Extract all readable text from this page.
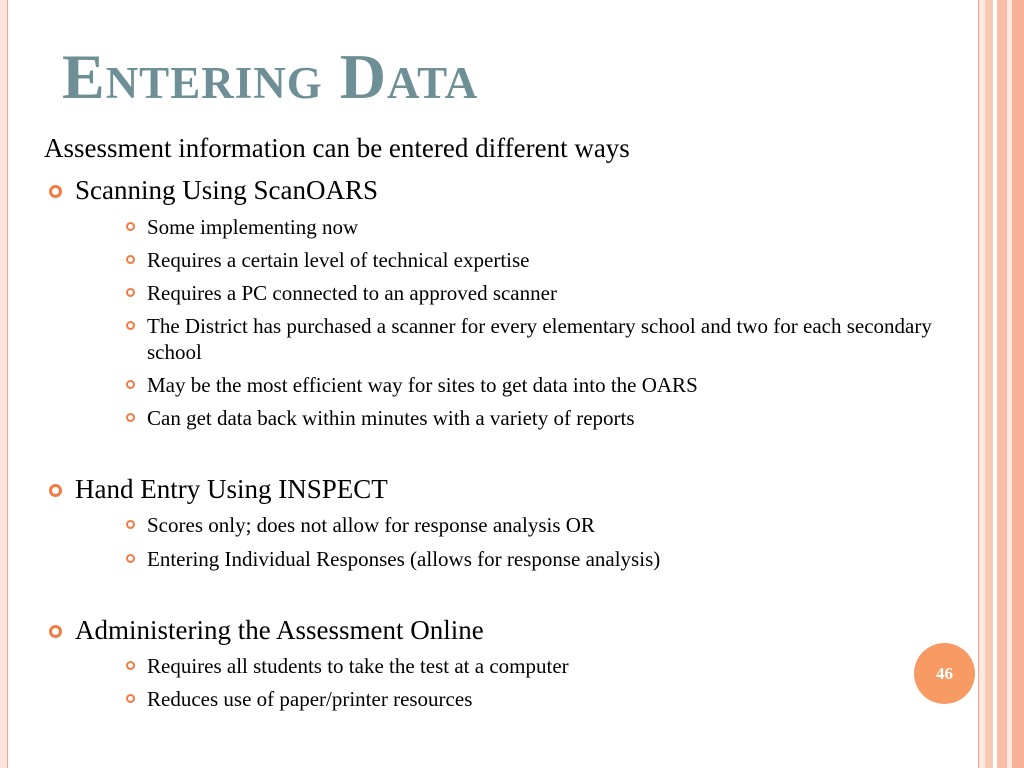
Entering Data

Assessment information can be entered different ways

Scanning Using ScanOARS
Some implementing now
Requires a certain level of technical expertise
Requires a PC connected to an approved scanner
The District has purchased a scanner for every elementary school and two for each secondary school
May be the most efficient way for sites to get data into the OARS
Can get data back within minutes with a variety of reports
Hand Entry Using INSPECT
Scores only; does not allow for response analysis OR
Entering Individual Responses (allows for response analysis)
Administering the Assessment Online
Requires all students to take the test at a computer
Reduces use of paper/printer resources
46
